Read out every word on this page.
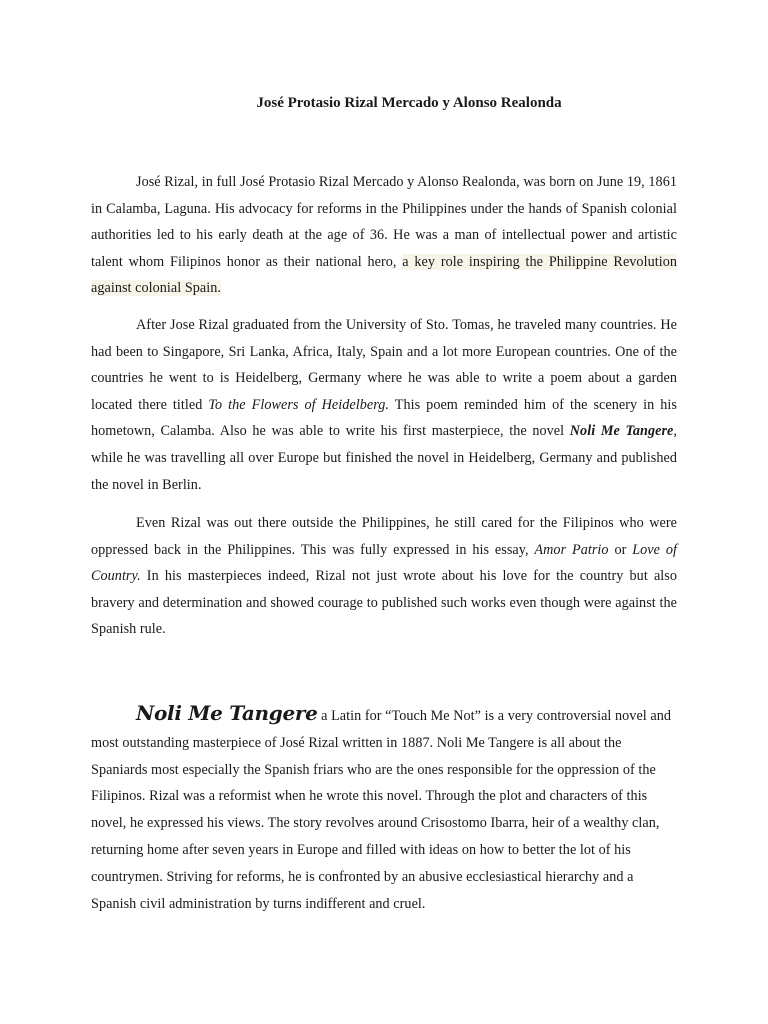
José Protasio Rizal Mercado y Alonso Realonda

José Rizal, in full José Protasio Rizal Mercado y Alonso Realonda, was born on June 19, 1861 in Calamba, Laguna. His advocacy for reforms in the Philippines under the hands of Spanish colonial authorities led to his early death at the age of 36. He was a man of intellectual power and artistic talent whom Filipinos honor as their national hero, a key role inspiring the Philippine Revolution against colonial Spain.

After Jose Rizal graduated from the University of Sto. Tomas, he traveled many countries. He had been to Singapore, Sri Lanka, Africa, Italy, Spain and a lot more European countries. One of the countries he went to is Heidelberg, Germany where he was able to write a poem about a garden located there titled To the Flowers of Heidelberg. This poem reminded him of the scenery in his hometown, Calamba. Also he was able to write his first masterpiece, the novel Noli Me Tangere, while he was travelling all over Europe but finished the novel in Heidelberg, Germany and published the novel in Berlin.

Even Rizal was out there outside the Philippines, he still cared for the Filipinos who were oppressed back in the Philippines. This was fully expressed in his essay, Amor Patrio or Love of Country. In his masterpieces indeed, Rizal not just wrote about his love for the country but also bravery and determination and showed courage to published such works even though were against the Spanish rule.

Noli Me Tangere a Latin for “Touch Me Not” is a very controversial novel and most outstanding masterpiece of José Rizal written in 1887. Noli Me Tangere is all about the Spaniards most especially the Spanish friars who are the ones responsible for the oppression of the Filipinos. Rizal was a reformist when he wrote this novel. Through the plot and characters of this novel, he expressed his views. The story revolves around Crisostomo Ibarra, heir of a wealthy clan, returning home after seven years in Europe and filled with ideas on how to better the lot of his countrymen. Striving for reforms, he is confronted by an abusive ecclesiastical hierarchy and a Spanish civil administration by turns indifferent and cruel.
